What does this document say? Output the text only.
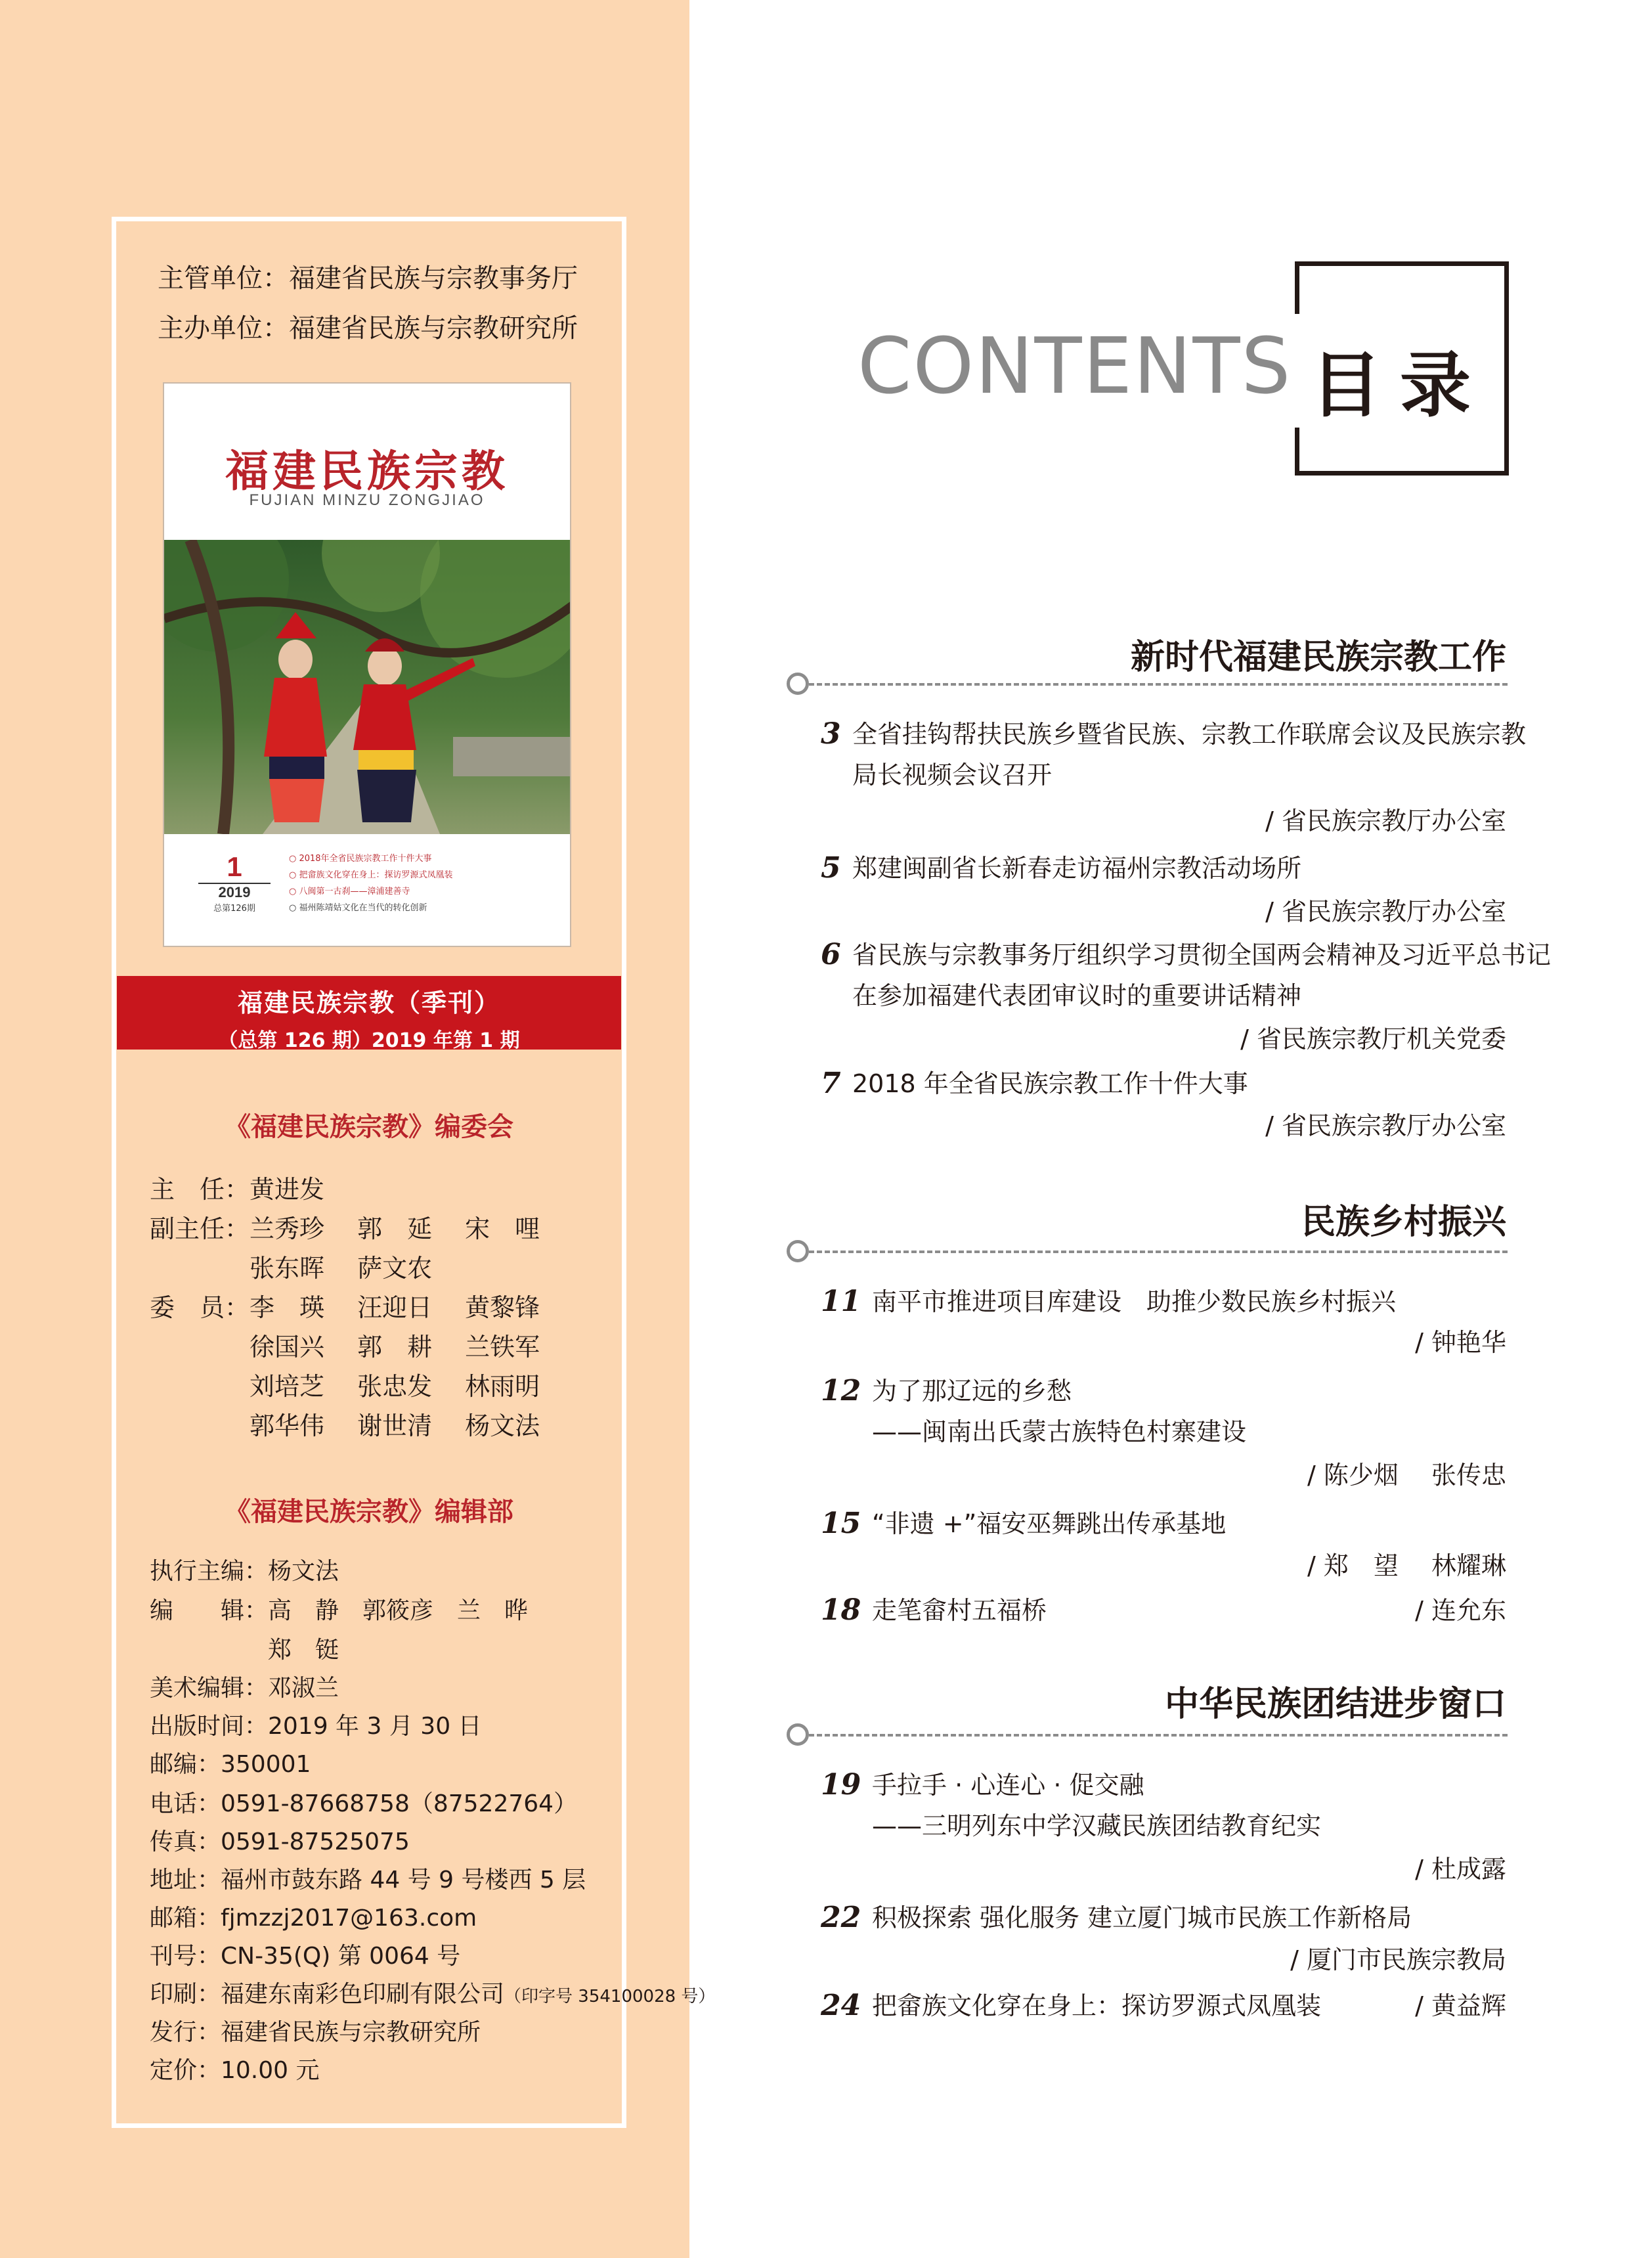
主管单位：福建省民族与宗教事务厅
主办单位：福建省民族与宗教研究所
福建民族宗教
FUJIAN MINZU ZONGJIAO
1
2019
总第126期
○ 2018年全省民族宗教工作十件大事
○ 把畲族文化穿在身上：探访罗源式凤凰装
○ 八闽第一古刹——漳浦建善寺
○ 福州陈靖姑文化在当代的转化创新
福建民族宗教（季刊）
（总第 126 期）2019 年第 1 期
《福建民族宗教》编委会
主　任：黄进发
副主任：兰秀珍　 郭　延　 宋　哩
　　　　张东晖　 萨文农
委　员：李　瑛　 汪迎日　 黄黎锋
　　　　徐国兴　 郭　耕　 兰铁军
　　　　刘培芝　 张忠发　 林雨明
　　　　郭华伟　 谢世清　 杨文法
《福建民族宗教》编辑部
执行主编：杨文法
编　　辑：高　静　郭筱彦　兰　晔
　　　　　郑　铤
美术编辑：邓淑兰
出版时间：2019 年 3 月 30 日
邮编：350001
电话：0591-87668758（87522764）
传真：0591-87525075
地址：福州市鼓东路 44 号 9 号楼西 5 层
邮箱：fjmzzj2017@163.com
刊号：CN-35(Q) 第 0064 号
印刷：福建东南彩色印刷有限公司（印字号 354100028 号）
发行：福建省民族与宗教研究所
定价：10.00 元
CONTENTS 目录
新时代福建民族宗教工作
3 全省挂钩帮扶民族乡暨省民族、宗教工作联席会议及民族宗教
局长视频会议召开
/ 省民族宗教厅办公室
5 郑建闽副省长新春走访福州宗教活动场所
/ 省民族宗教厅办公室
6 省民族与宗教事务厅组织学习贯彻全国两会精神及习近平总书记
在参加福建代表团审议时的重要讲话精神
/ 省民族宗教厅机关党委
7 2018 年全省民族宗教工作十件大事
/ 省民族宗教厅办公室
民族乡村振兴
11 南平市推进项目库建设　助推少数民族乡村振兴
/ 钟艳华
12 为了那辽远的乡愁
——闽南出氏蒙古族特色村寨建设
/ 陈少烟　 张传忠
15 “非遗 +”福安巫舞跳出传承基地
/ 郑　望　 林耀琳
18 走笔畲村五福桥	/ 连允东
中华民族团结进步窗口
19 手拉手 · 心连心 · 促交融
——三明列东中学汉藏民族团结教育纪实
/ 杜成露
22 积极探索 强化服务 建立厦门城市民族工作新格局
/ 厦门市民族宗教局
24 把畲族文化穿在身上：探访罗源式凤凰装	/ 黄益辉
